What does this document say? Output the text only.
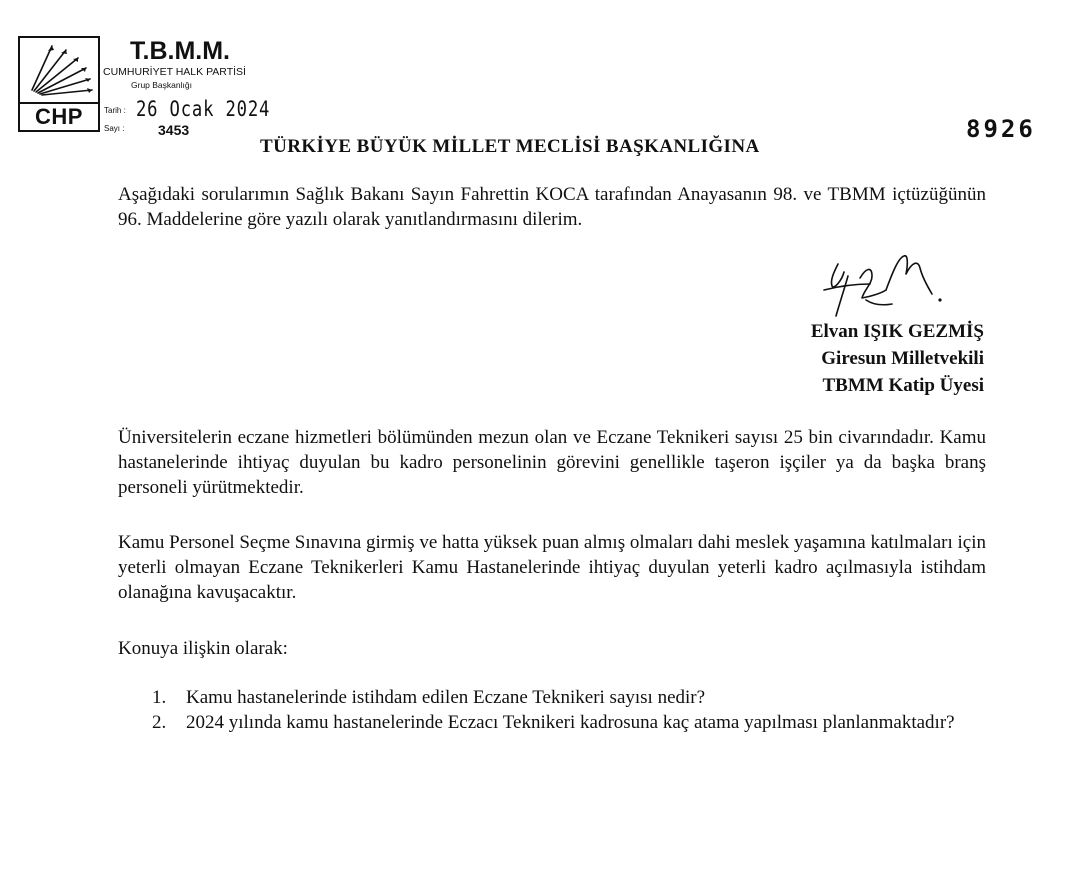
CHP
T.B.M.M.
CUMHURİYET HALK PARTİSİ
Grup Başkanlığı
Tarih : 26 Ocak 2024
Sayı : 3453	8926
TÜRKİYE BÜYÜK MİLLET MECLİSİ BAŞKANLIĞINA
Aşağıdaki sorularımın Sağlık Bakanı Sayın Fahrettin KOCA tarafından Anayasanın 98. ve TBMM içtüzüğünün 96. Maddelerine göre yazılı olarak yanıtlandırmasını dilerim.
Elvan IŞIK GEZMİŞ
Giresun Milletvekili
TBMM Katip Üyesi
Üniversitelerin eczane hizmetleri bölümünden mezun olan ve Eczane Teknikeri sayısı 25 bin civarındadır. Kamu hastanelerinde ihtiyaç duyulan bu kadro personelinin görevini genellikle taşeron işçiler ya da başka branş personeli yürütmektedir.
Kamu Personel Seçme Sınavına girmiş ve hatta yüksek puan almış olmaları dahi meslek yaşamına katılmaları için yeterli olmayan Eczane Teknikerleri Kamu Hastanelerinde ihtiyaç duyulan yeterli kadro açılmasıyla istihdam olanağına kavuşacaktır.
Konuya ilişkin olarak:
1. Kamu hastanelerinde istihdam edilen Eczane Teknikeri sayısı nedir?
2. 2024 yılında kamu hastanelerinde Eczacı Teknikeri kadrosuna kaç atama yapılması planlanmaktadır?
